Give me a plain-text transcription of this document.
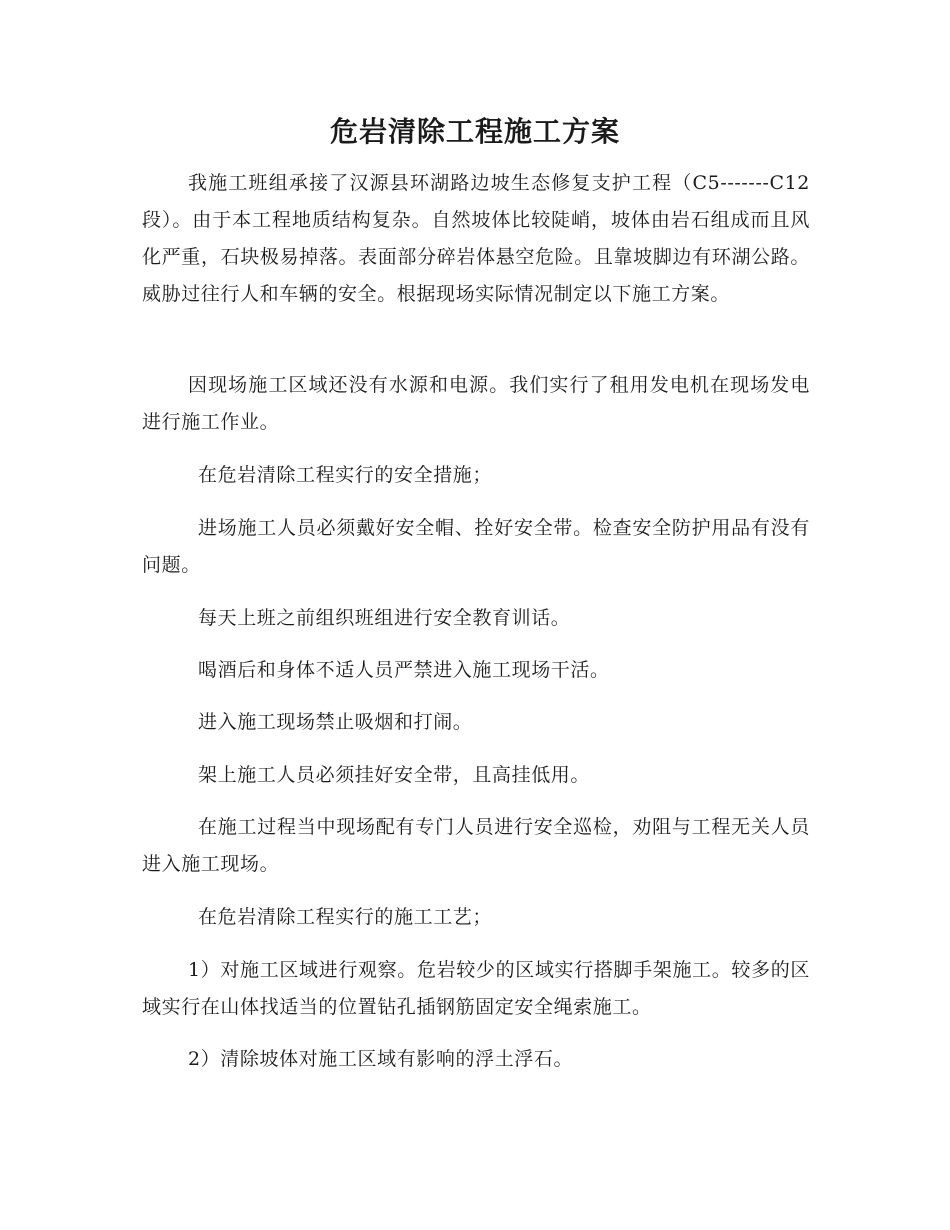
危岩清除工程施工方案

我施工班组承接了汉源县环湖路边坡生态修复支护工程（C5-------C12段）。由于本工程地质结构复杂。自然坡体比较陡峭，坡体由岩石组成而且风化严重，石块极易掉落。表面部分碎岩体悬空危险。且靠坡脚边有环湖公路。威胁过往行人和车辆的安全。根据现场实际情况制定以下施工方案。

因现场施工区域还没有水源和电源。我们实行了租用发电机在现场发电进行施工作业。

在危岩清除工程实行的安全措施；

进场施工人员必须戴好安全帽、拴好安全带。检查安全防护用品有没有问题。

每天上班之前组织班组进行安全教育训话。

喝酒后和身体不适人员严禁进入施工现场干活。

进入施工现场禁止吸烟和打闹。

架上施工人员必须挂好安全带，且高挂低用。

在施工过程当中现场配有专门人员进行安全巡检，劝阻与工程无关人员进入施工现场。

在危岩清除工程实行的施工工艺；

1）对施工区域进行观察。危岩较少的区域实行搭脚手架施工。较多的区域实行在山体找适当的位置钻孔插钢筋固定安全绳索施工。

2）清除坡体对施工区域有影响的浮土浮石。
